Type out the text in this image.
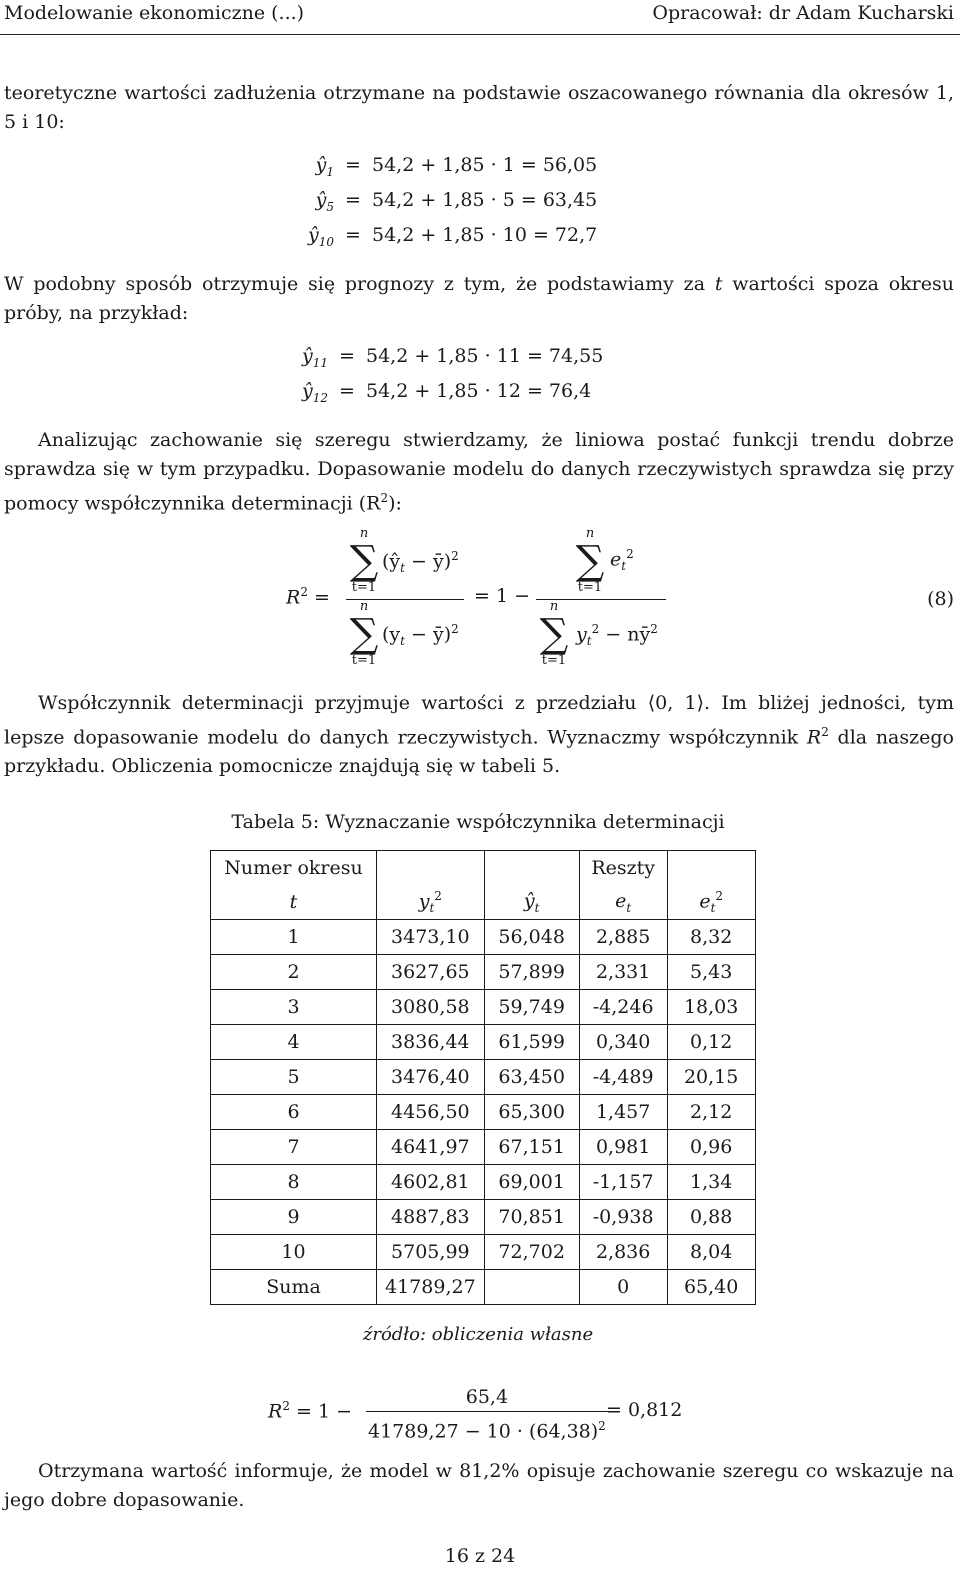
Modelowanie ekonomiczne (...)	Opracował: dr Adam Kucharski
teoretyczne wartości zadłużenia otrzymane na podstawie oszacowanego równania dla okresów 1, 5 i 10:
$ŷ_1 = 54,2 + 1,85 \cdot 1 = 56,05$
$ŷ_5 = 54,2 + 1,85 \cdot 5 = 63,45$
$ŷ_{10} = 54,2 + 1,85 \cdot 10 = 72,7$
W podobny sposób otrzymuje się prognozy z tym, że podstawiamy za t wartości spoza okresu próby, na przykład:
$ŷ_{11} = 54,2 + 1,85 \cdot 11 = 74,55$
$ŷ_{12} = 54,2 + 1,85 \cdot 12 = 76,4$
Analizując zachowanie się szeregu stwierdzamy, że liniowa postać funkcji trendu dobrze sprawdza się w tym przypadku. Dopasowanie modelu do danych rzeczywistych sprawdza się przy pomocy współczynnika determinacji $(R^2)$:
$R^2 = n$
∑
t=1
($ŷ_t$ − ȳ)$^2$
n
∑
t=1
($y_t$ − ȳ)$^2$ = 1 − n
∑
t=1
$e_t^2$
n
∑
t=1
$y_t^2$ − $nȳ^2$	(8)
Współczynnik determinacji przyjmuje wartości z przedziału ⟨0, 1⟩. Im bliżej jedności, tym lepsze dopasowanie modelu do danych rzeczywistych. Wyznaczmy współczynnik $R^2$ dla naszego przykładu. Obliczenia pomocnicze znajdują się w tabeli 5.
Tabela 5: Wyznaczanie współczynnika determinacji
Numer okresu			Reszty	
t	$y_t^2$	$ŷ_t$	$e_t$	$e_t^2$
1	3473,10	56,048	2,885	8,32
2	3627,65	57,899	2,331	5,43
3	3080,58	59,749	-4,246	18,03
4	3836,44	61,599	0,340	0,12
5	3476,40	63,450	-4,489	20,15
6	4456,50	65,300	1,457	2,12
7	4641,97	67,151	0,981	0,96
8	4602,81	69,001	-1,157	1,34
9	4887,83	70,851	-0,938	0,88
10	5705,99	72,702	2,836	8,04
Suma	41789,27		0	65,40
źródło: obliczenia własne
$R^2 = 1$ −
65,4
$41789,27 - 10 \cdot (64,38)^2$
= 0,812
Otrzymana wartość informuje, że model w 81,2% opisuje zachowanie szeregu co wskazuje na jego dobre dopasowanie.
16 z 24
